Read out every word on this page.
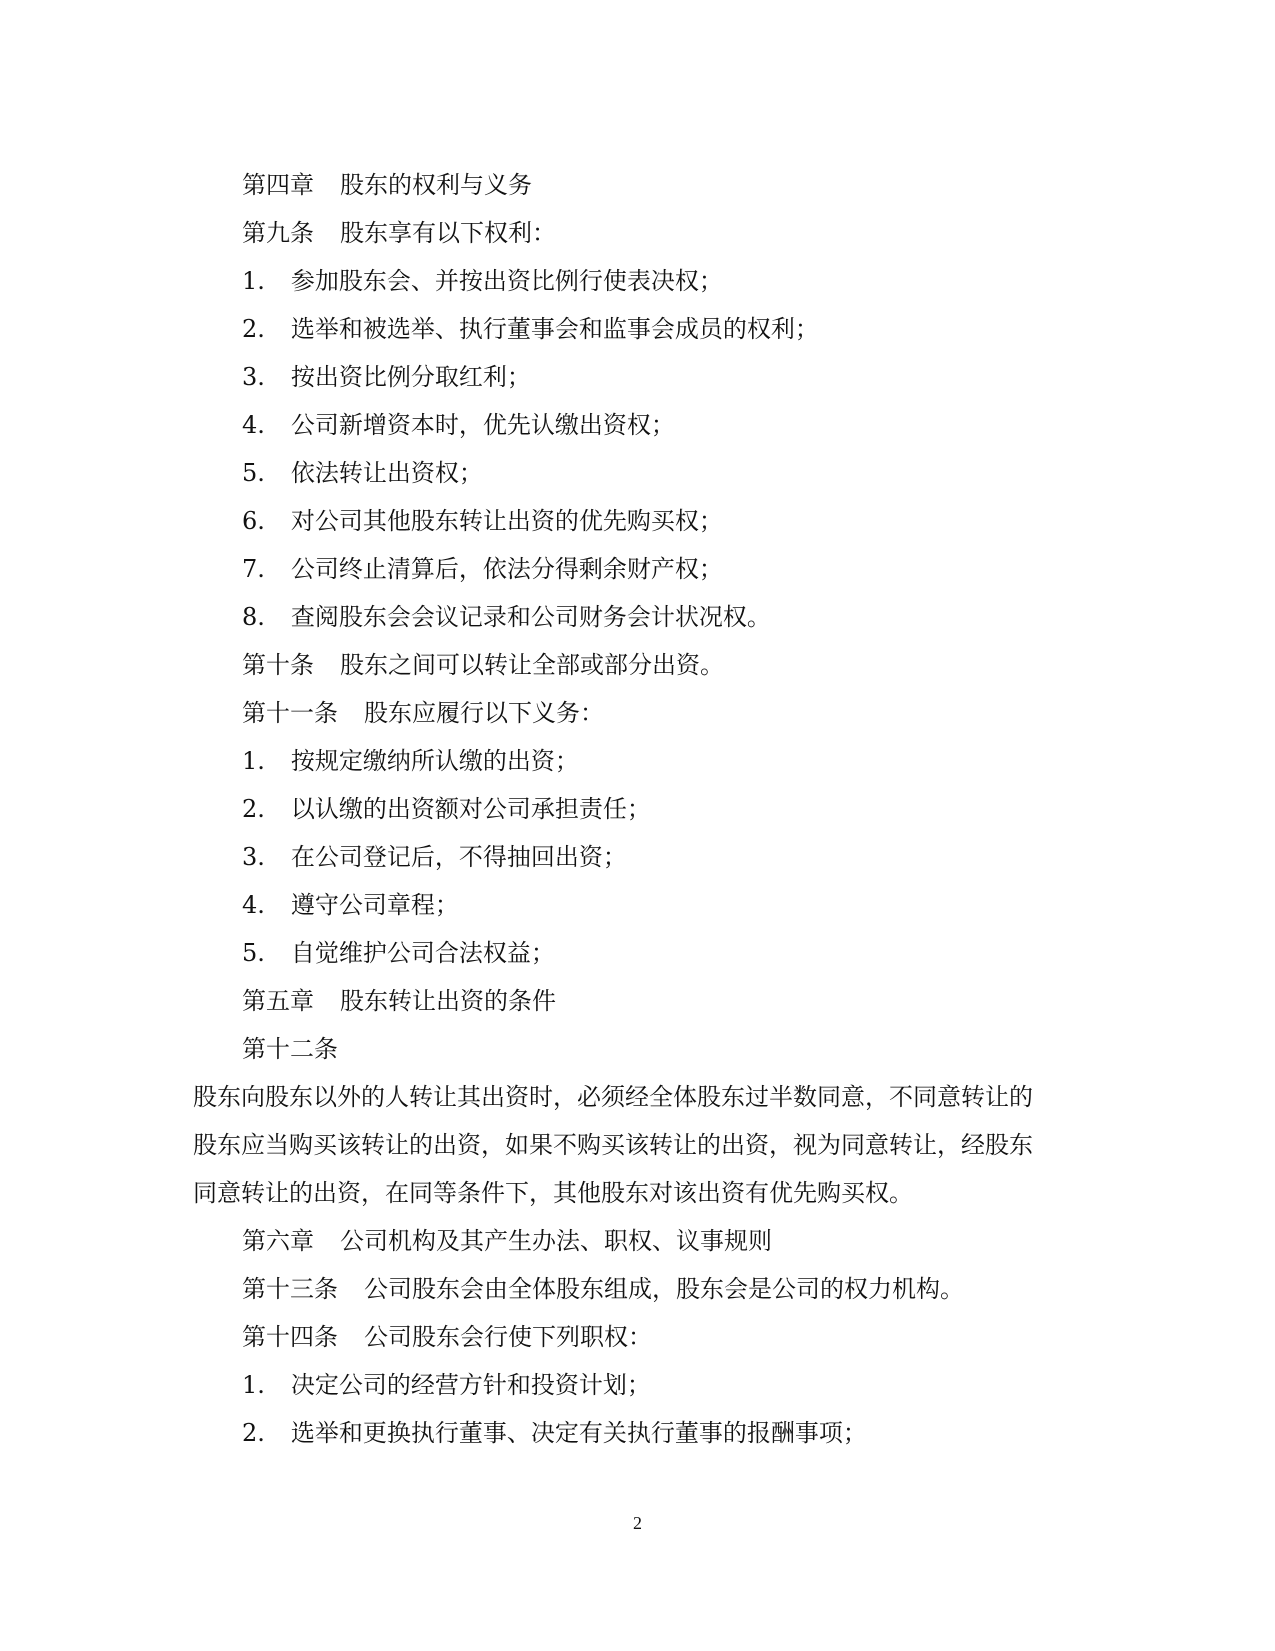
第四章 股东的权利与义务
第九条 股东享有以下权利：
1. 参加股东会、并按出资比例行使表决权；
2. 选举和被选举、执行董事会和监事会成员的权利；
3. 按出资比例分取红利；
4. 公司新增资本时，优先认缴出资权；
5. 依法转让出资权；
6. 对公司其他股东转让出资的优先购买权；
7. 公司终止清算后，依法分得剩余财产权；
8. 查阅股东会会议记录和公司财务会计状况权。
第十条 股东之间可以转让全部或部分出资。
第十一条 股东应履行以下义务：
1. 按规定缴纳所认缴的出资；
2. 以认缴的出资额对公司承担责任；
3. 在公司登记后，不得抽回出资；
4. 遵守公司章程；
5. 自觉维护公司合法权益；
第五章 股东转让出资的条件
第十二条
股东向股东以外的人转让其出资时，必须经全体股东过半数同意，不同意转让的
股东应当购买该转让的出资，如果不购买该转让的出资，视为同意转让，经股东
同意转让的出资，在同等条件下，其他股东对该出资有优先购买权。
第六章 公司机构及其产生办法、职权、议事规则
第十三条 公司股东会由全体股东组成，股东会是公司的权力机构。
第十四条 公司股东会行使下列职权：
1. 决定公司的经营方针和投资计划；
2. 选举和更换执行董事、决定有关执行董事的报酬事项；
2
